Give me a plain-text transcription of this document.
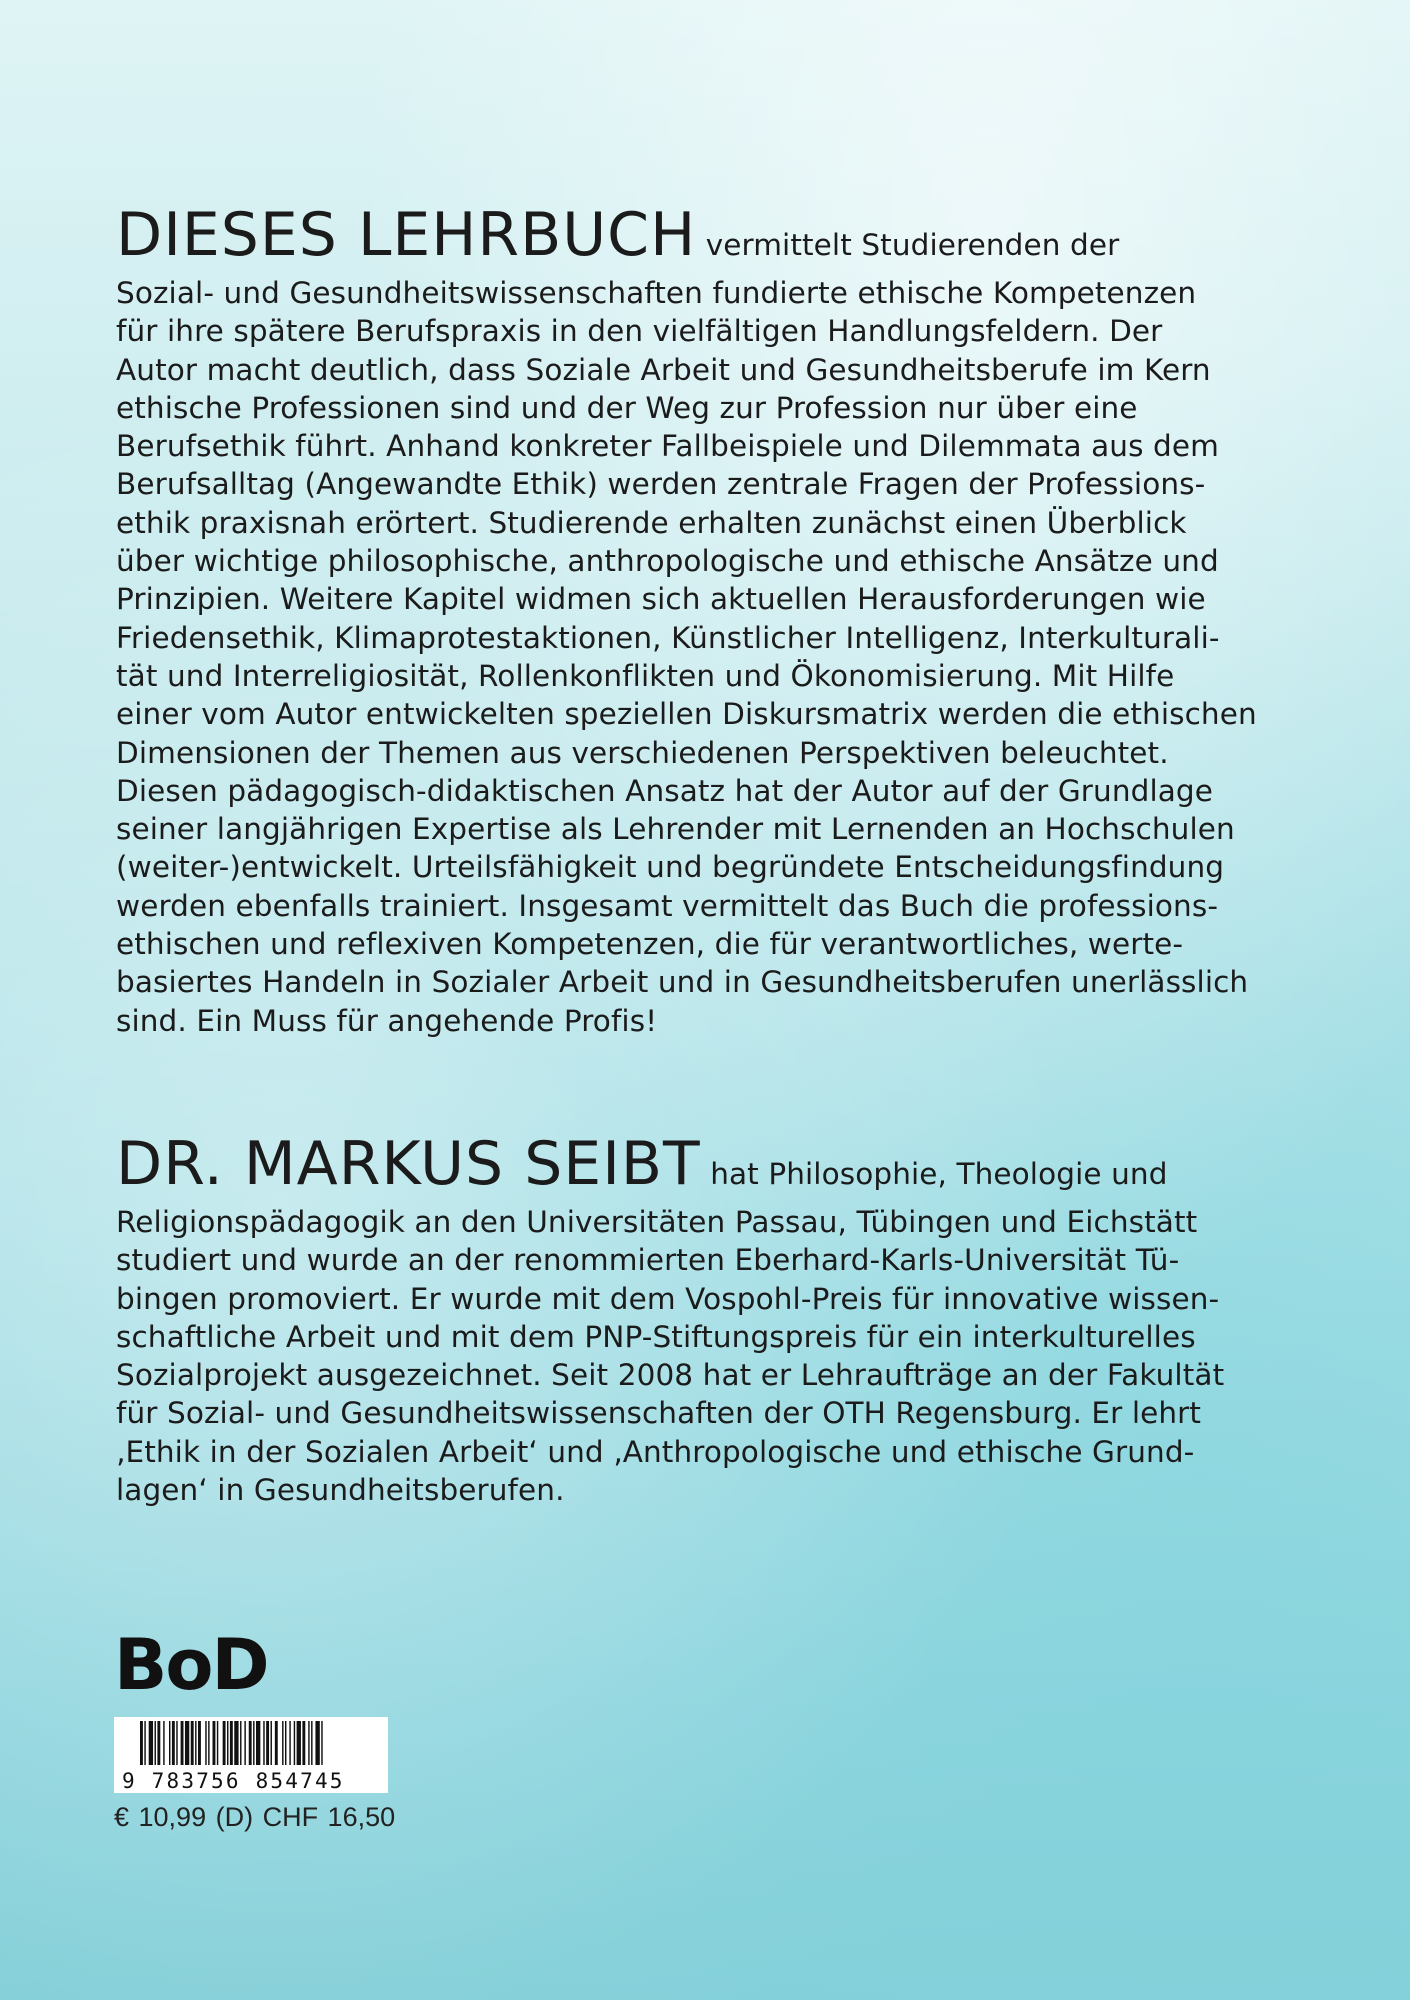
DIESES LEHRBUCH vermittelt Studierenden der
Sozial- und Gesundheitswissenschaften fundierte ethische Kompetenzen
für ihre spätere Berufspraxis in den vielfältigen Handlungsfeldern. Der
Autor macht deutlich, dass Soziale Arbeit und Gesundheitsberufe im Kern
ethische Professionen sind und der Weg zur Profession nur über eine
Berufsethik führt. Anhand konkreter Fallbeispiele und Dilemmata aus dem
Berufsalltag (Angewandte Ethik) werden zentrale Fragen der Professions-
ethik praxisnah erörtert. Studierende erhalten zunächst einen Überblick
über wichtige philosophische, anthropologische und ethische Ansätze und
Prinzipien. Weitere Kapitel widmen sich aktuellen Herausforderungen wie
Friedensethik, Klimaprotestaktionen, Künstlicher Intelligenz, Interkulturali-
tät und Interreligiosität, Rollenkonflikten und Ökonomisierung. Mit Hilfe
einer vom Autor entwickelten speziellen Diskursmatrix werden die ethischen
Dimensionen der Themen aus verschiedenen Perspektiven beleuchtet.
Diesen pädagogisch-didaktischen Ansatz hat der Autor auf der Grundlage
seiner langjährigen Expertise als Lehrender mit Lernenden an Hochschulen
(weiter-)entwickelt. Urteilsfähigkeit und begründete Entscheidungsfindung
werden ebenfalls trainiert. Insgesamt vermittelt das Buch die professions-
ethischen und reflexiven Kompetenzen, die für verantwortliches, werte-
basiertes Handeln in Sozialer Arbeit und in Gesundheitsberufen unerlässlich
sind. Ein Muss für angehende Profis!
DR. MARKUS SEIBT hat Philosophie, Theologie und
Religionspädagogik an den Universitäten Passau, Tübingen und Eichstätt
studiert und wurde an der renommierten Eberhard-Karls-Universität Tü-
bingen promoviert. Er wurde mit dem Vospohl-Preis für innovative wissen-
schaftliche Arbeit und mit dem PNP-Stiftungspreis für ein interkulturelles
Sozialprojekt ausgezeichnet. Seit 2008 hat er Lehraufträge an der Fakultät
für Sozial- und Gesundheitswissenschaften der OTH Regensburg. Er lehrt
‚Ethik in der Sozialen Arbeit‘ und ‚Anthropologische und ethische Grund-
lagen‘ in Gesundheitsberufen.
BoD
9 783756 854745
€ 10,99 (D) CHF 16,50
